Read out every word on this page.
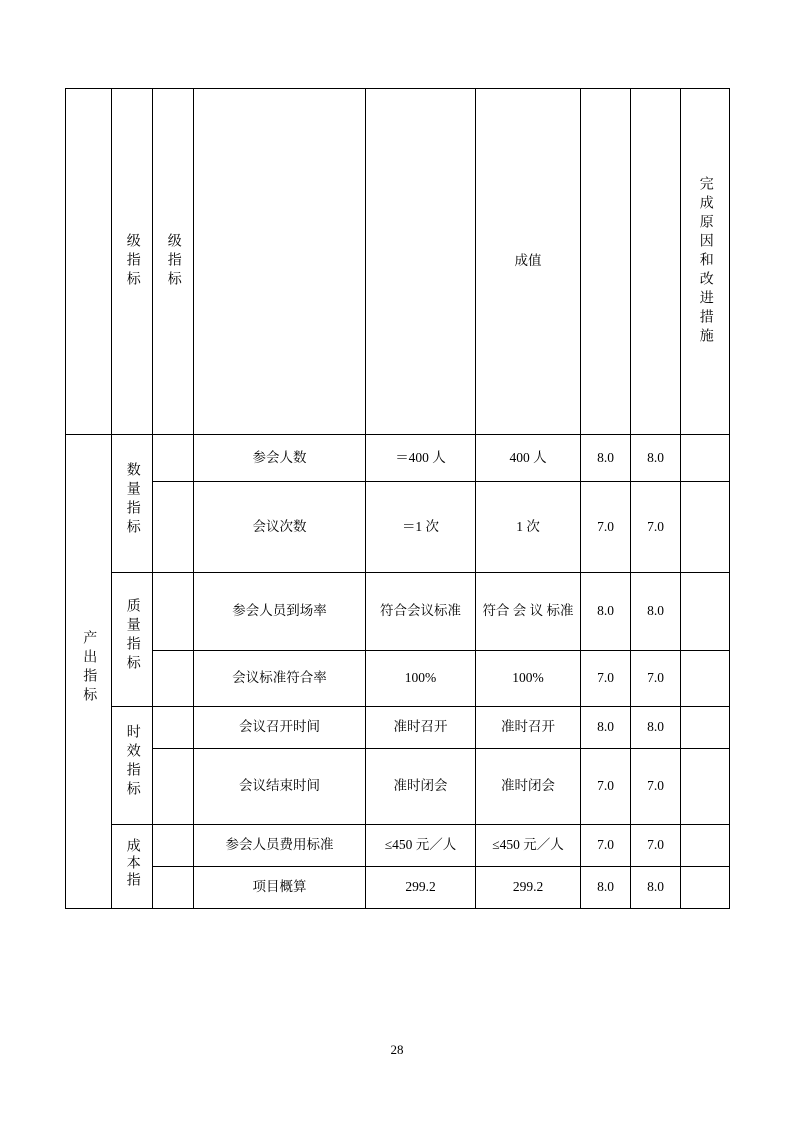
	级指标	级指标			成值			完成原因和改进措施
产出指标	数量指标		参会人数	＝400 人	400 人	8.0	8.0	
			会议次数	＝1 次	1 次	7.0	7.0	
	质量指标		参会人员到场率	符合会议标准	符合 会 议 标准	8.0	8.0	
			会议标准符合率	100%	100%	7.0	7.0	
	时效指标		会议召开时间	准时召开	准时召开	8.0	8.0	
			会议结束时间	准时闭会	准时闭会	7.0	7.0	
	成本指		参会人员费用标准	≤450 元／人	≤450 元／人	7.0	7.0	
			项目概算	299.2	299.2	8.0	8.0	
28
